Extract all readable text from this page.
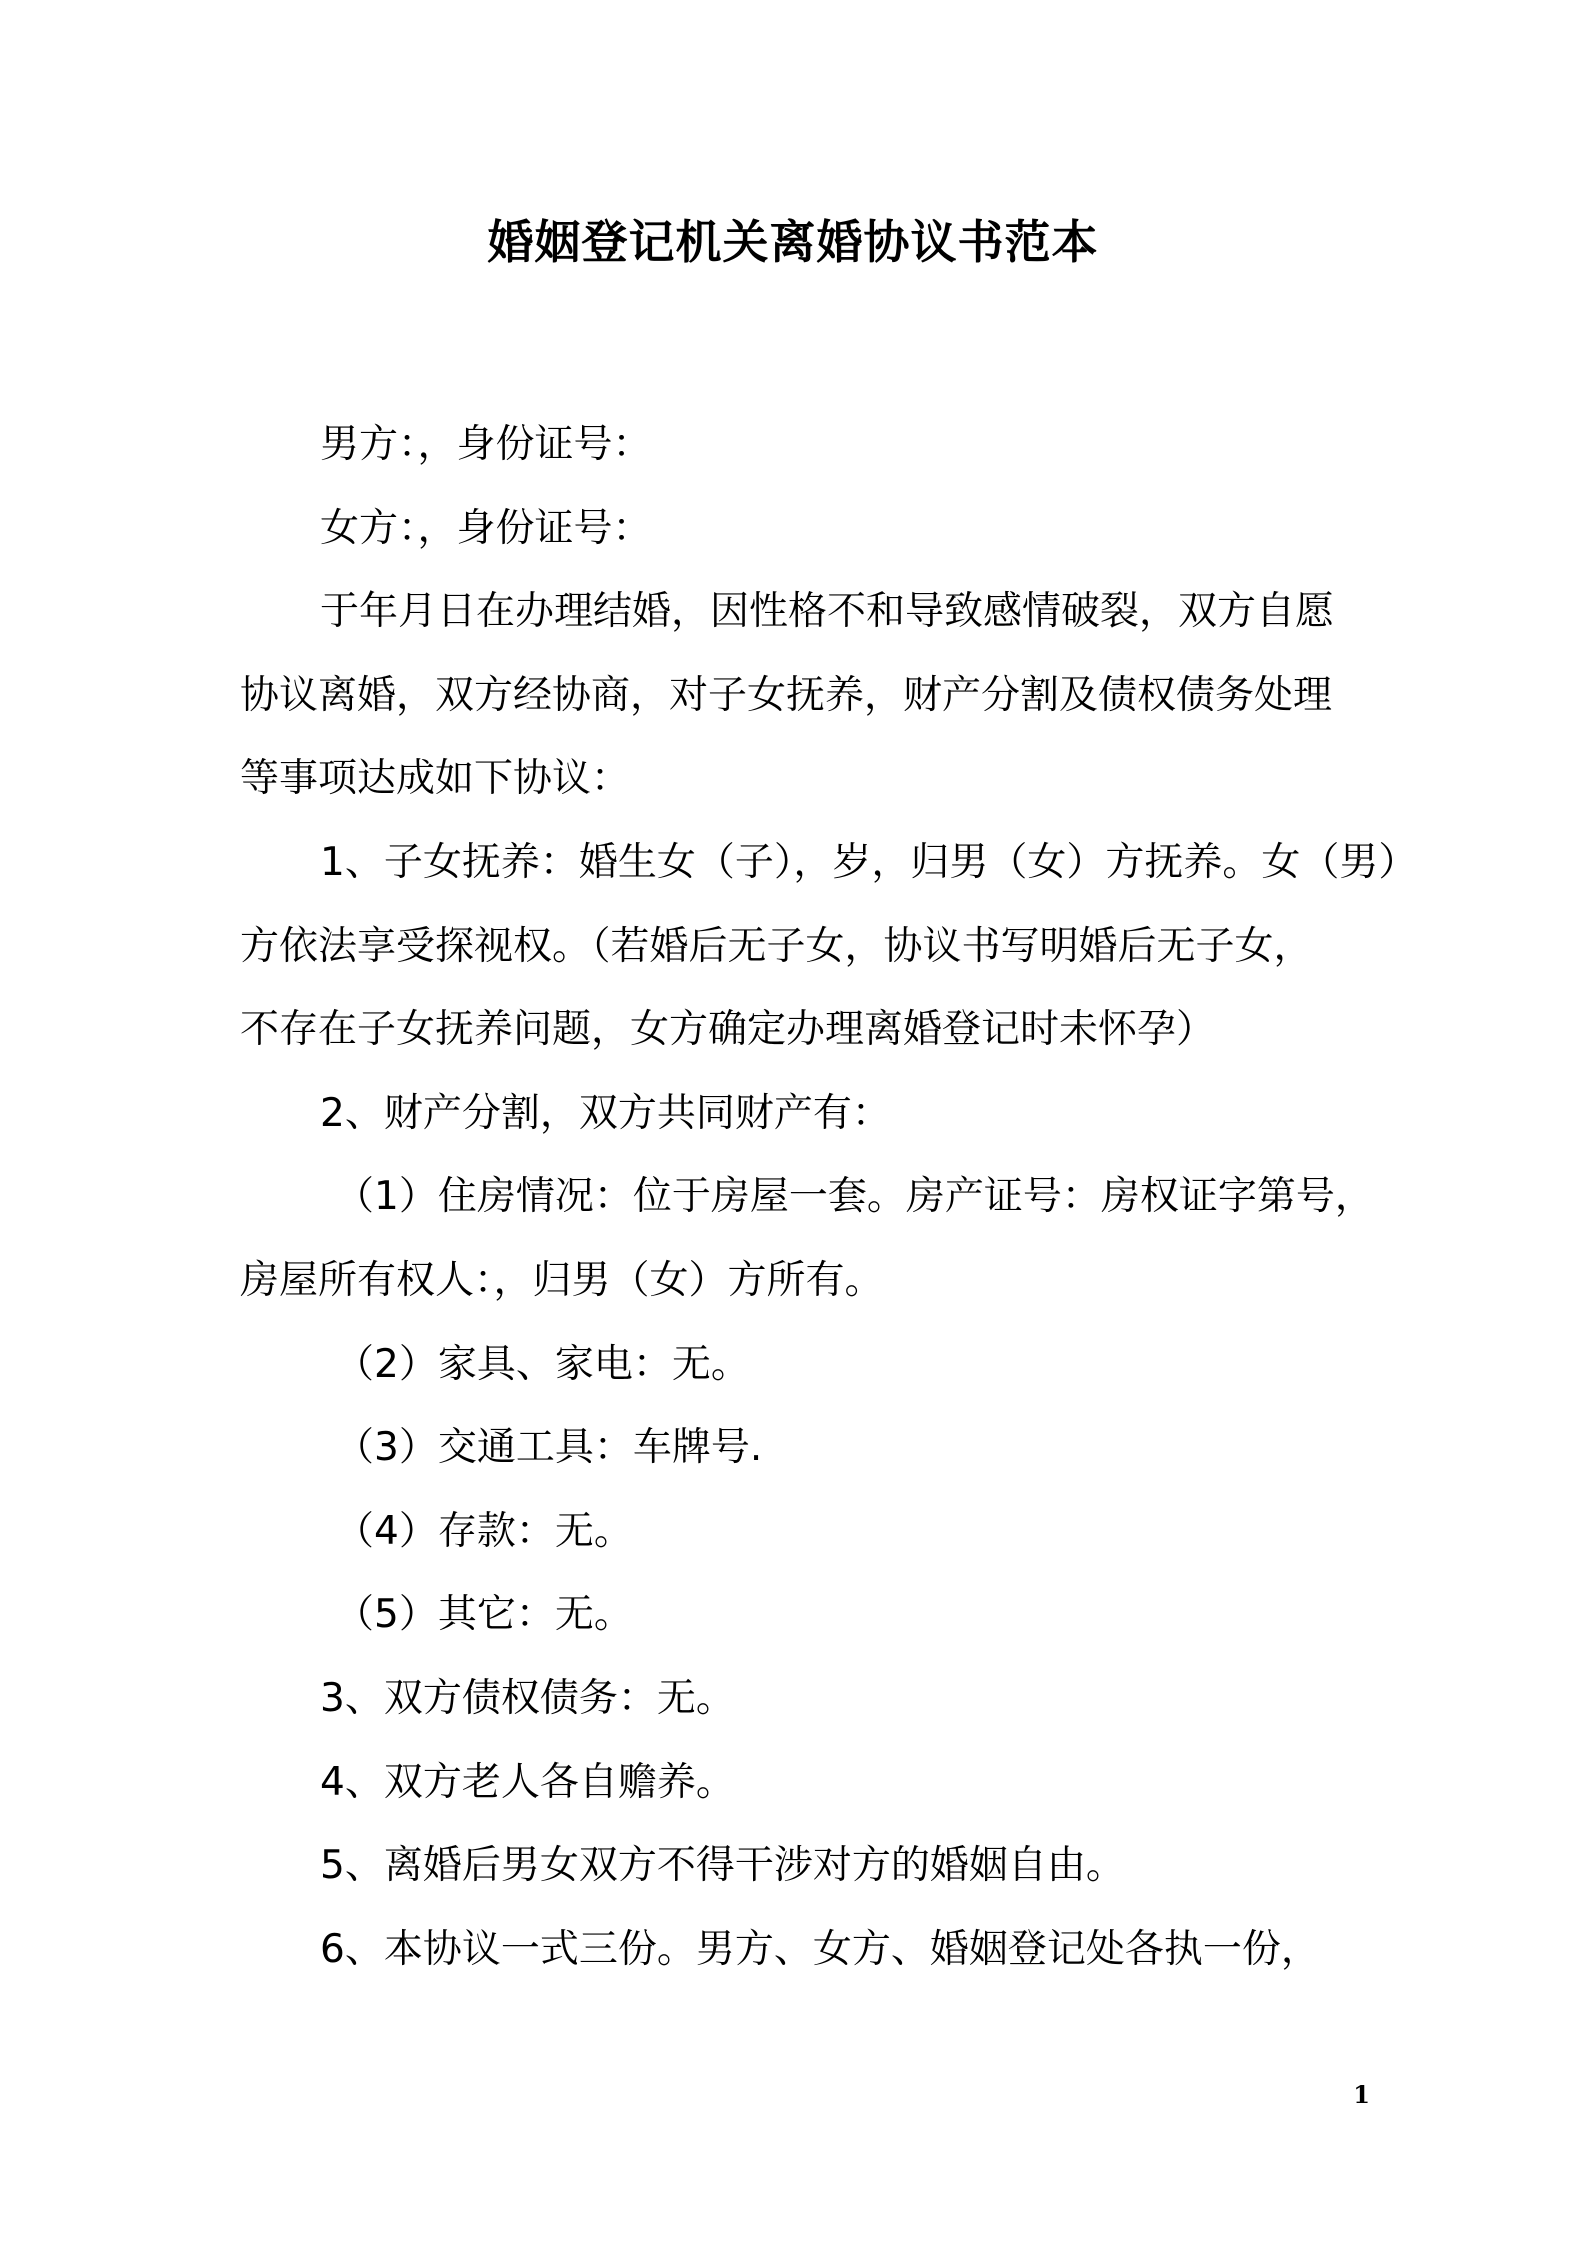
婚姻登记机关离婚协议书范本

男方：，身份证号：

女方：，身份证号：

于年月日在办理结婚，因性格不和导致感情破裂，双方自愿

协议离婚，双方经协商，对子女抚养，财产分割及债权债务处理

等事项达成如下协议：

1、子女抚养：婚生女（子），岁，归男（女）方抚养。女（男）

方依法享受探视权。（若婚后无子女，协议书写明婚后无子女，

不存在子女抚养问题，女方确定办理离婚登记时未怀孕）

2、财产分割，双方共同财产有：

（1）住房情况：位于房屋一套。房产证号：房权证字第号，

房屋所有权人：，归男（女）方所有。

（2）家具、家电：无。

（3）交通工具：车牌号.

（4）存款：无。

（5）其它：无。

3、双方债权债务：无。

4、双方老人各自赡养。

5、离婚后男女双方不得干涉对方的婚姻自由。

6、本协议一式三份。男方、女方、婚姻登记处各执一份，

1
